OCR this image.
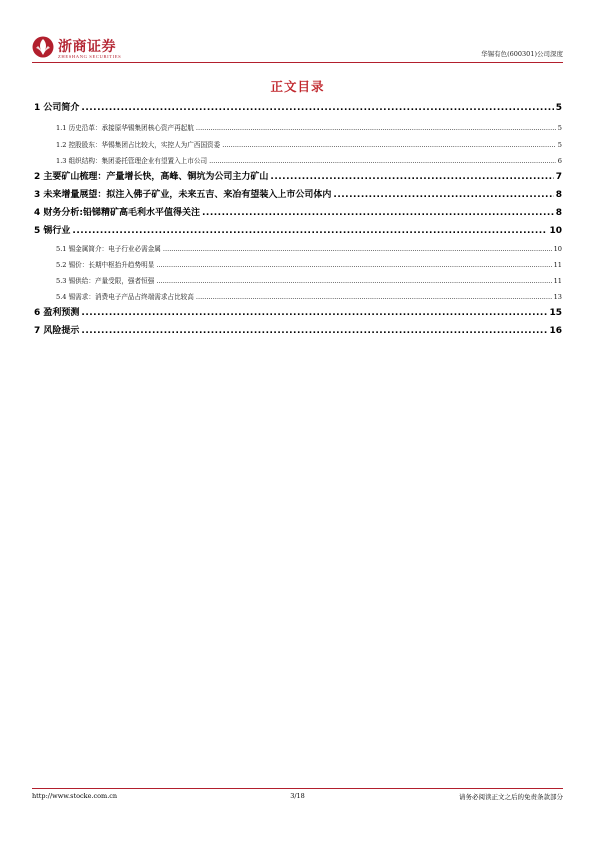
浙商证券
ZHESHANG SECURITIES	华锡有色(600301)公司深度
正文目录
1 公司简介 .....	5
1.1 历史沿革：承接原华锡集团核心资产再起航 .....	5
1.2 控股股东：华锡集团占比较大，实控人为广西国资委 .....	5
1.3 组织结构：集团委托管理企业有望置入上市公司 .....	6
2 主要矿山梳理：产量增长快，高峰、铜坑为公司主力矿山 .....	7
3 未来增量展望：拟注入佛子矿业，未来五吉、来冶有望装入上市公司体内 .....	8
4 财务分析:铅锑精矿高毛利水平值得关注 .....	8
5 锡行业 .....	10
5.1 锡金属简介：电子行业必需金属 .....	10
5.2 锡价：长期中枢抬升趋势明显 .....	11
5.3 锡供给：产量受限，强者恒强 .....	11
5.4 锡需求：消费电子产品占终端需求占比较高 .....	13
6 盈利预测 .....	15
7 风险提示 .....	16
http://www.stocke.com.cn	3/18	请务必阅读正文之后的免责条款部分
